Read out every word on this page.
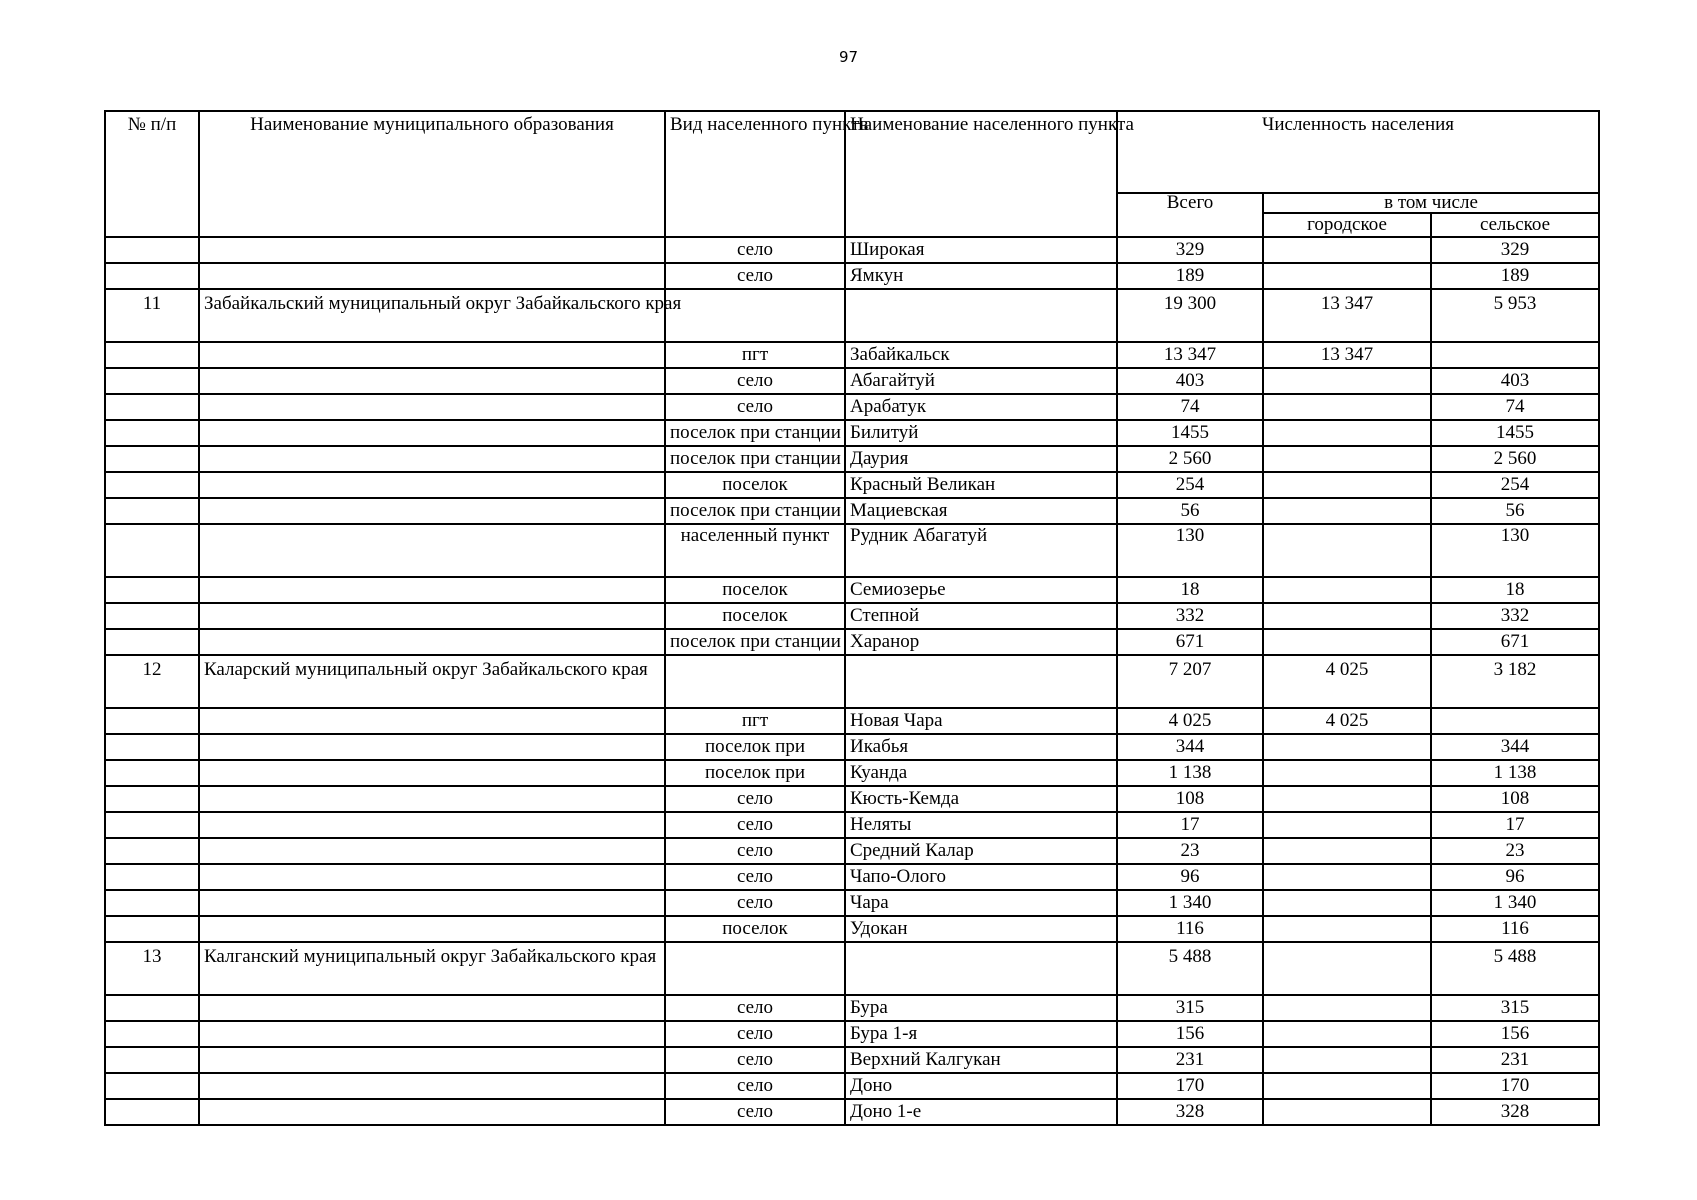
97
№ п/п	Наименование муниципального образования	Вид населенного пунктв	Наименование населенного пункта	Численность населения		
				Всего	в том числе	
					городское	сельское
		село	Широкая	329		329
		село	Ямкун	189		189
11	Забайкальский муниципальный округ Забайкальского края			19 300	13 347	5 953
		пгт	Забайкальск	13 347	13 347	
		село	Абагайтуй	403		403
		село	Арабатук	74		74
		поселок при станции	Билитуй	1455		1455
		поселок при станции	Даурия	2 560		2 560
		поселок	Красный Великан	254		254
		поселок при станции	Мациевская	56		56
		населенный пункт	Рудник Абагатуй	130		130
		поселок	Семиозерье	18		18
		поселок	Степной	332		332
		поселок при станции	Харанор	671		671
12	Каларский муниципальный округ Забайкальского края			7 207	4 025	3 182
		пгт	Новая Чара	4 025	4 025	
		поселок при	Икабья	344		344
		поселок при	Куанда	1 138		1 138
		село	Кюсть-Кемда	108		108
		село	Неляты	17		17
		село	Средний Калар	23		23
		село	Чапо-Олого	96		96
		село	Чара	1 340		1 340
		поселок	Удокан	116		116
13	Калганский муниципальный округ Забайкальского края			5 488		5 488
		село	Бура	315		315
		село	Бура 1-я	156		156
		село	Верхний Калгукан	231		231
		село	Доно	170		170
		село	Доно 1-е	328		328
